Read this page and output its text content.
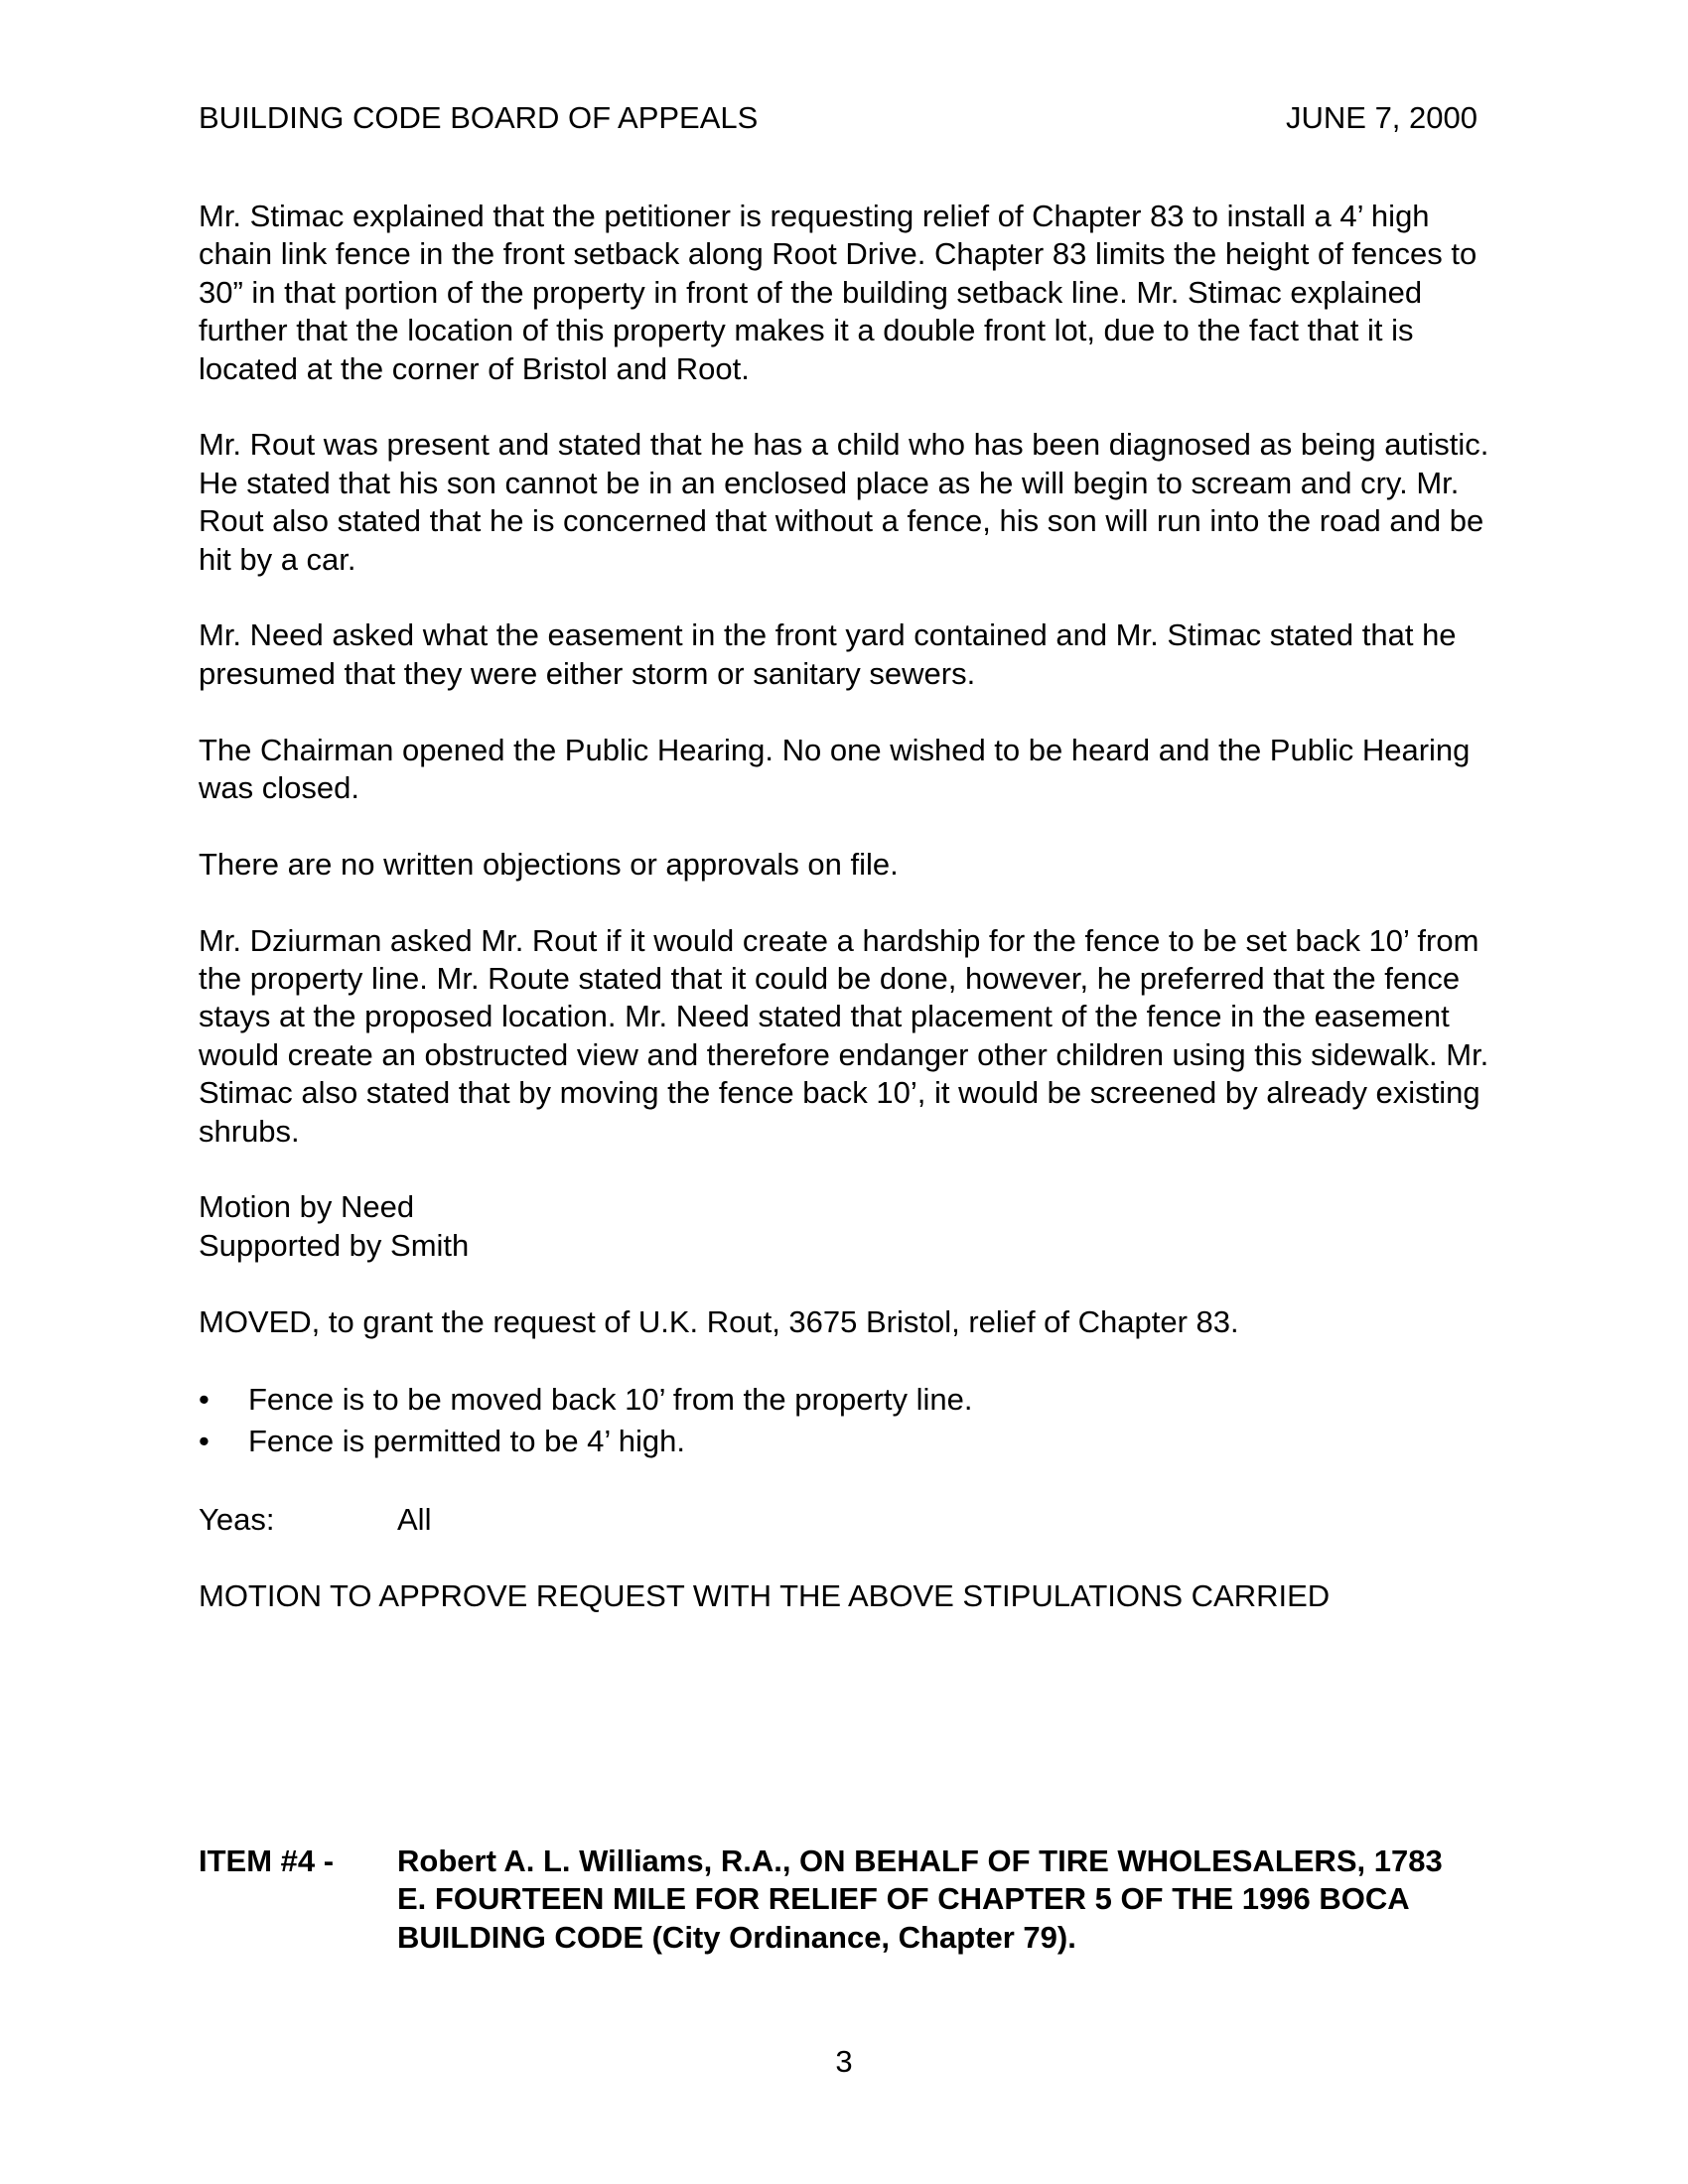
BUILDING CODE BOARD OF APPEALS	JUNE 7, 2000

Mr. Stimac explained that the petitioner is requesting relief of Chapter 83 to install a 4’ high chain link fence in the front setback along Root Drive. Chapter 83 limits the height of fences to 30” in that portion of the property in front of the building setback line. Mr. Stimac explained further that the location of this property makes it a double front lot, due to the fact that it is located at the corner of Bristol and Root.

Mr. Rout was present and stated that he has a child who has been diagnosed as being autistic. He stated that his son cannot be in an enclosed place as he will begin to scream and cry. Mr. Rout also stated that he is concerned that without a fence, his son will run into the road and be hit by a car.

Mr. Need asked what the easement in the front yard contained and Mr. Stimac stated that he presumed that they were either storm or sanitary sewers.

The Chairman opened the Public Hearing. No one wished to be heard and the Public Hearing was closed.

There are no written objections or approvals on file.

Mr. Dziurman asked Mr. Rout if it would create a hardship for the fence to be set back 10’ from the property line. Mr. Route stated that it could be done, however, he preferred that the fence stays at the proposed location. Mr. Need stated that placement of the fence in the easement would create an obstructed view and therefore endanger other children using this sidewalk. Mr. Stimac also stated that by moving the fence back 10’, it would be screened by already existing shrubs.

Motion by Need

Supported by Smith

MOVED, to grant the request of U.K. Rout, 3675 Bristol, relief of Chapter 83.

•	Fence is to be moved back 10’ from the property line.
•	Fence is permitted to be 4’ high.
Yeas:	All

MOTION TO APPROVE REQUEST WITH THE ABOVE STIPULATIONS CARRIED

ITEM #4 -	Robert A. L. Williams, R.A., ON BEHALF OF TIRE WHOLESALERS, 1783 E. FOURTEEN MILE FOR RELIEF OF CHAPTER 5 OF THE 1996 BOCA BUILDING CODE (City Ordinance, Chapter 79).
3
